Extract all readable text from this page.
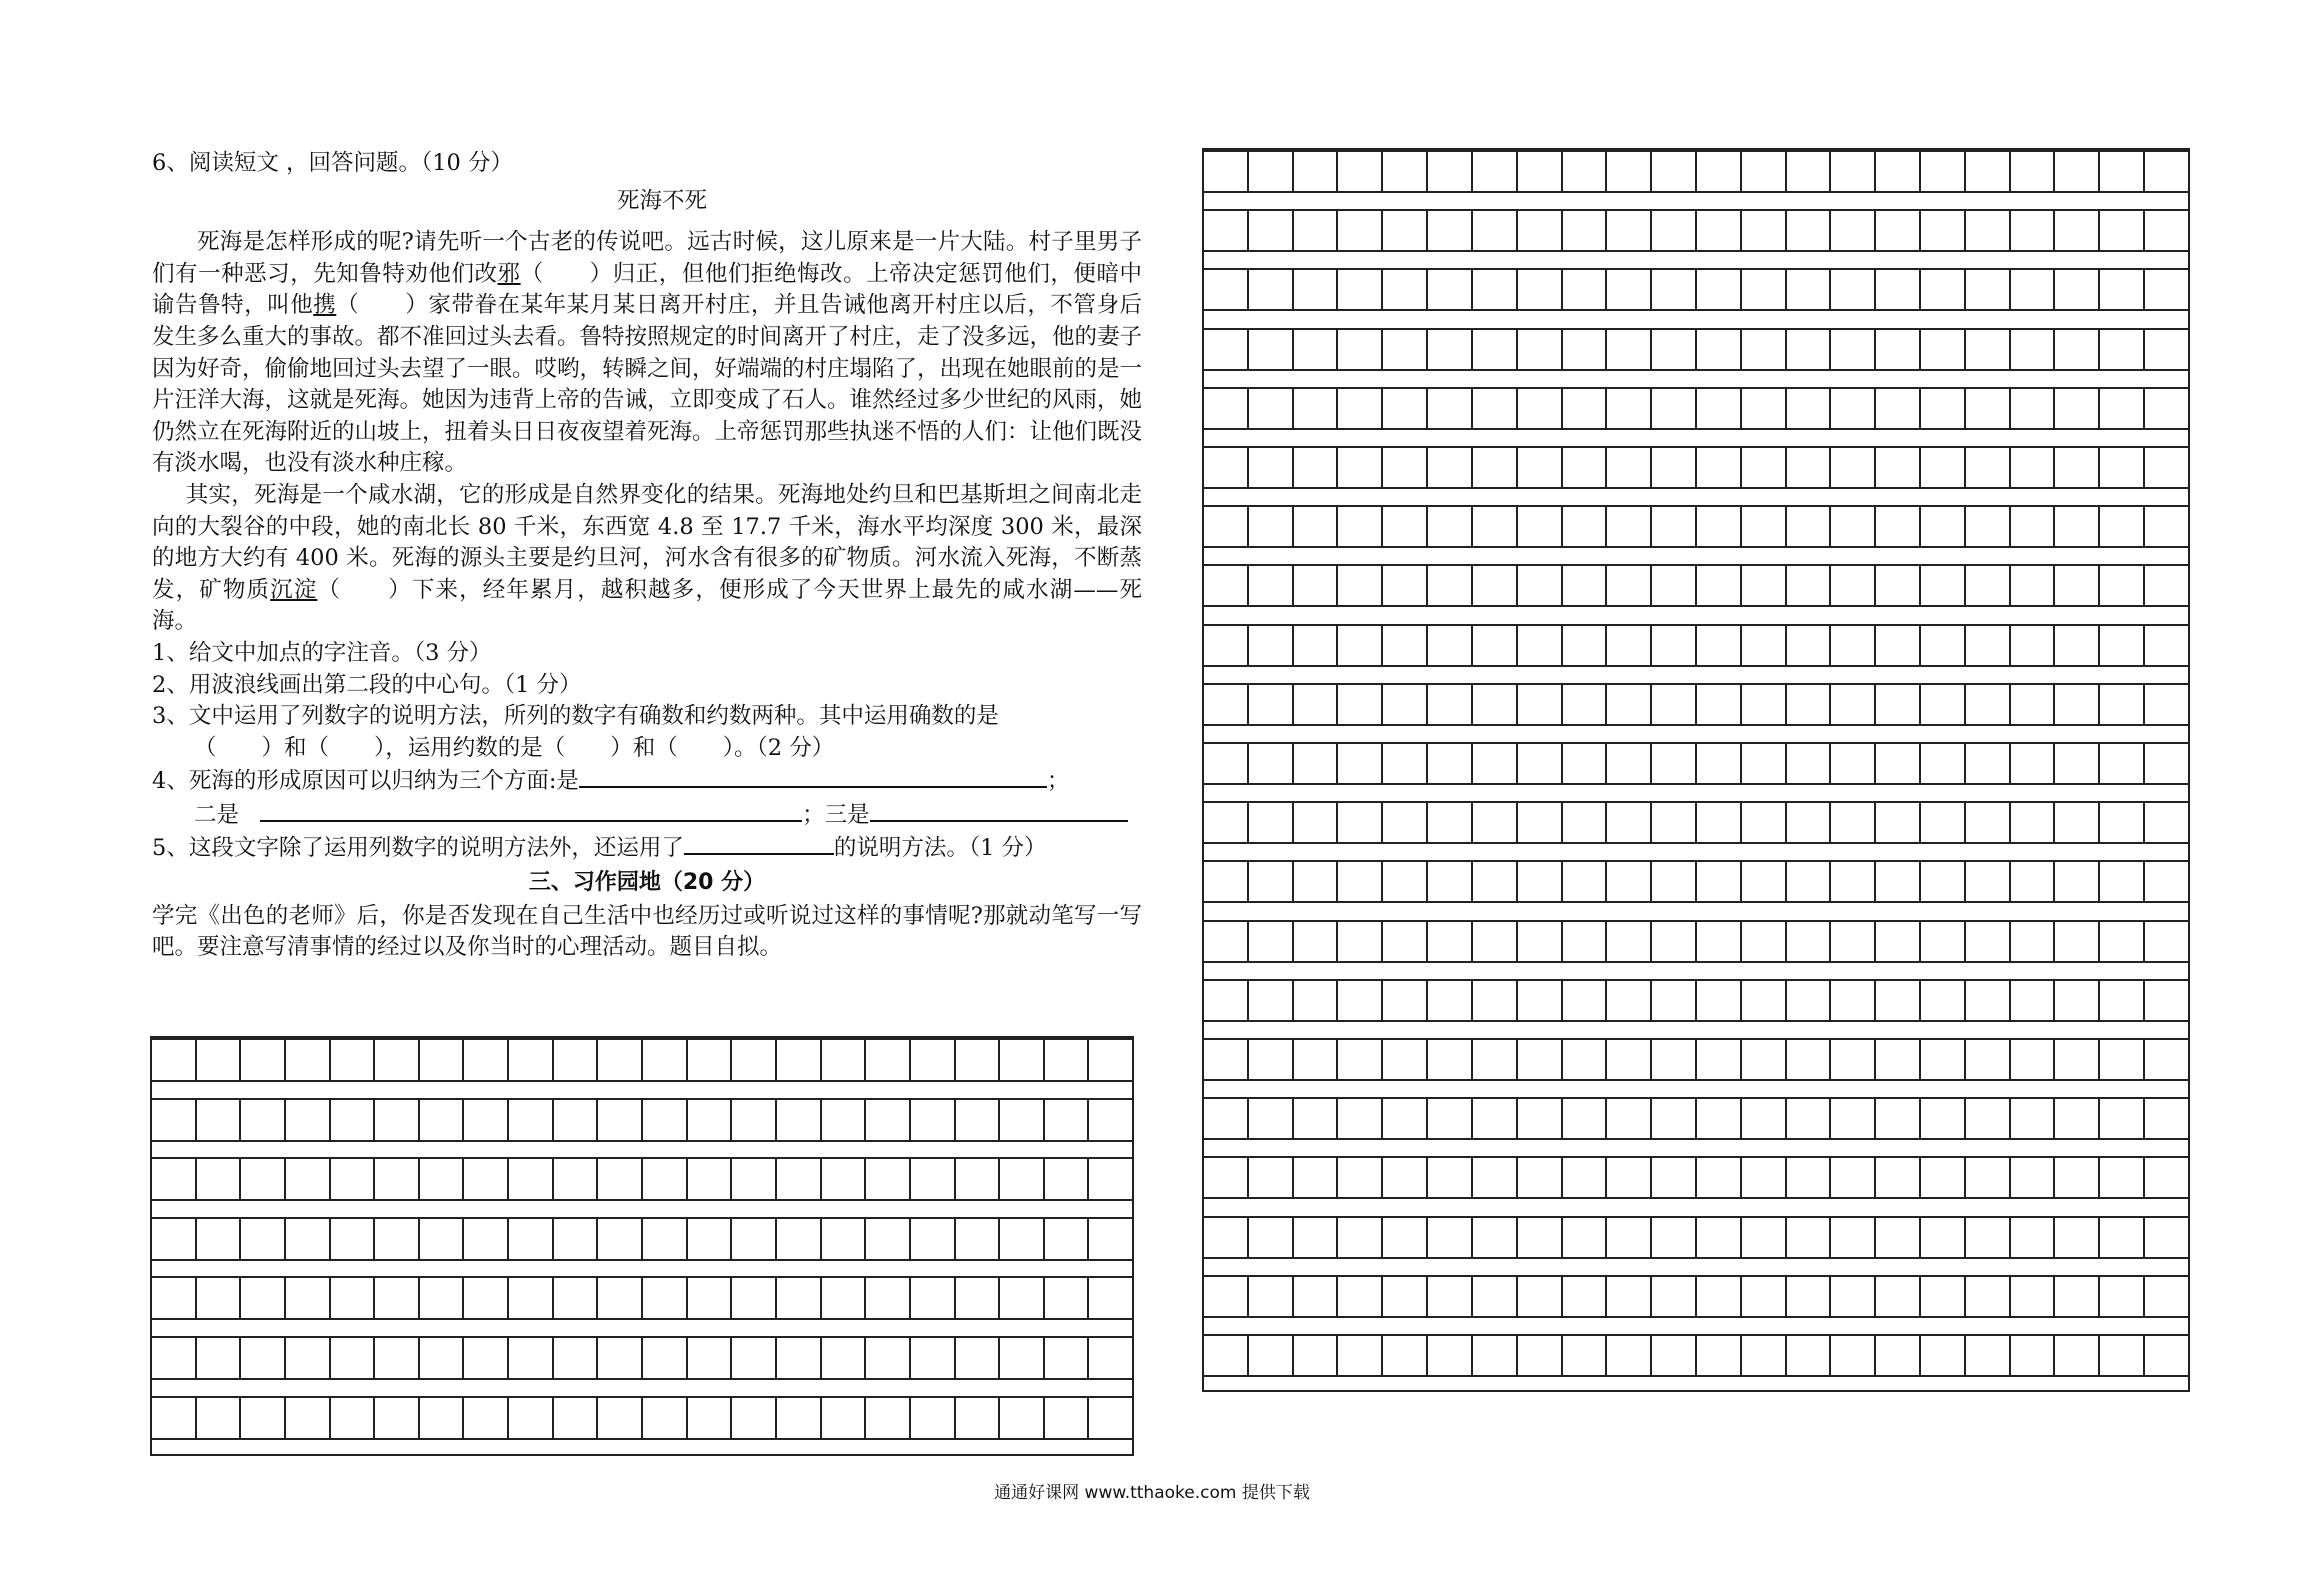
6、阅读短文 ，回答问题。（10 分）
死海不死
死海是怎样形成的呢?请先听一个古老的传说吧。远古时候，这儿原来是一片大陆。村子里男子们有一种恶习，先知鲁特劝他们改邪（　　）归正，但他们拒绝悔改。上帝决定惩罚他们，便暗中谕告鲁特，叫他携（　　）家带眷在某年某月某日离开村庄，并且告诫他离开村庄以后，不管身后发生多么重大的事故。都不准回过头去看。鲁特按照规定的时间离开了村庄，走了没多远，他的妻子因为好奇，偷偷地回过头去望了一眼。哎哟，转瞬之间，好端端的村庄塌陷了，出现在她眼前的是一片汪洋大海，这就是死海。她因为违背上帝的告诫，立即变成了石人。谁然经过多少世纪的风雨，她仍然立在死海附近的山坡上，扭着头日日夜夜望着死海。上帝惩罚那些执迷不悟的人们：让他们既没有淡水喝，也没有淡水种庄稼。
其实，死海是一个咸水湖，它的形成是自然界变化的结果。死海地处约旦和巴基斯坦之间南北走向的大裂谷的中段，她的南北长 80 千米，东西宽 4.8 至 17.7 千米，海水平均深度 300 米，最深的地方大约有 400 米。死海的源头主要是约旦河，河水含有很多的矿物质。河水流入死海，不断蒸发，矿物质沉淀（　　）下来，经年累月，越积越多，便形成了今天世界上最先的咸水湖——死海。
1、给文中加点的字注音。（3 分）
2、用波浪线画出第二段的中心句。（1 分）
3、文中运用了列数字的说明方法，所列的数字有确数和约数两种。其中运用确数的是
（　　）和（　　），运用约数的是（　　）和（　　）。（2 分）
4、死海的形成原因可以归纳为三个方面:是	；
二是	；三是
5、这段文字除了运用列数字的说明方法外，还运用了	的说明方法。（1 分）
三、习作园地（20 分）
学完《出色的老师》后，你是否发现在自己生活中也经历过或听说过这样的事情呢?那就动笔写一写吧。要注意写清事情的经过以及你当时的心理活动。题目自拟。
通通好课网 www.tthaoke.com 提供下载
